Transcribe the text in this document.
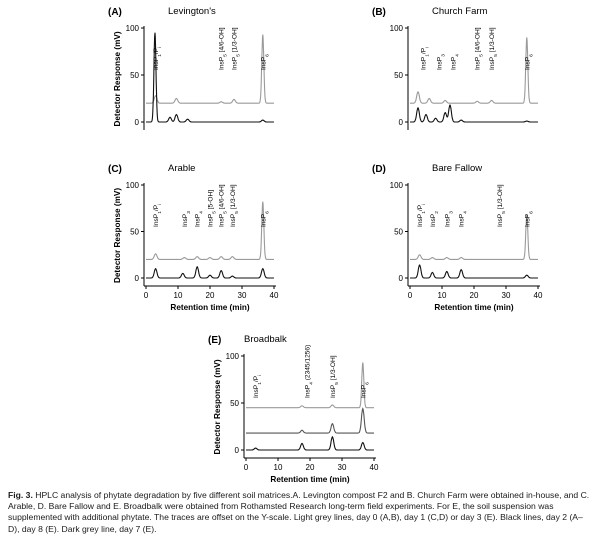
0
50
100
Detector Response (mV)
(A)	Levington's
$InsP_1/P_i$
InsP$_5$ [4/6-OH]
InsP$_5$ [1/3-OH]
InsP$_6$
0
50
100
(B)	Church Farm
$InsP_1/P_i$
InsP$_3$
InsP$_4$
InsP$_5$ [4/6-OH]
InsP$_5$ [1/3-OH]
InsP$_6$
0	10	20	30	40
Retention time (min)
0
50
100
Detector Response (mV)
(C)	Arable
$InsP_1/P_i$
InsP$_3$
InsP$_4$
InsP$_5$ [5-OH]
InsP$_5$ [4/6-OH]
InsP$_5$ [1/3-OH]
InsP$_6$
0	10	20	30	40
Retention time (min)
0
50
100
(D)	Bare Fallow
$InsP_1/P_i$
InsP$_2$
InsP$_3$
InsP$_4$
InsP$_5$ [1/3-OH]
InsP$_6$
0	10	20	30	40
Retention time (min)
0
50
100
Detector Response (mV)
(E) Broadbalk
$InsP_1/P_i$
InsP$_4$ (2345/1256)
InsP$_5$ [1/3-OH]
InsP$_6$

Fig. 3. HPLC analysis of phytate degradation by five different soil matrices.A. Levington compost F2 and B. Church Farm were obtained in-house, and C. Arable, D. Bare Fallow and E. Broadbalk were obtained from Rothamsted Research long-term field experiments. For E, the soil suspension was supplemented with additional phytate. The traces are offset on the Y-scale. Light grey lines, day 0 (A,B), day 1 (C,D) or day 3 (E). Black lines, day 2 (A–D), day 8 (E). Dark grey line, day 7 (E).
